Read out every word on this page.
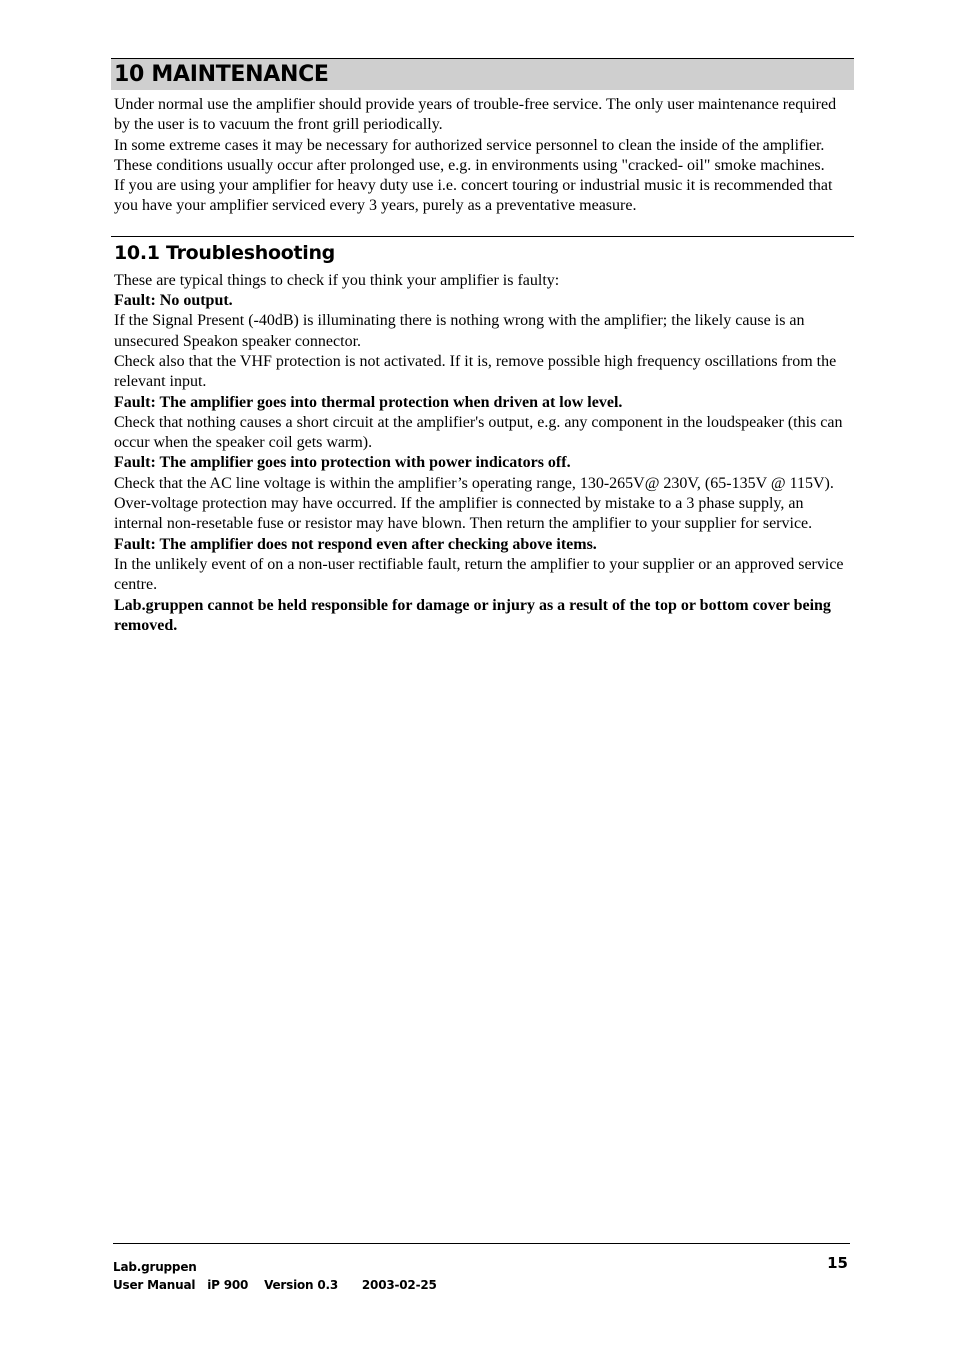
10 MAINTENANCE

Under normal use the amplifier should provide years of trouble-free service. The only user maintenance required by the user is to vacuum the front grill periodically.

In some extreme cases it may be necessary for authorized service personnel to clean the inside of the amplifier. These conditions usually occur after prolonged use, e.g. in environments using "cracked- oil" smoke machines.

If you are using your amplifier for heavy duty use i.e. concert touring or industrial music it is recommended that you have your amplifier serviced every 3 years, purely as a preventative measure.

10.1 Troubleshooting

These are typical things to check if you think your amplifier is faulty:

Fault: No output.

If the Signal Present (-40dB) is illuminating there is nothing wrong with the amplifier; the likely cause is an unsecured Speakon speaker connector.

Check also that the VHF protection is not activated. If it is, remove possible high frequency oscillations from the relevant input.

Fault: The amplifier goes into thermal protection when driven at low level.

Check that nothing causes a short circuit at the amplifier's output, e.g. any component in the loudspeaker (this can occur when the speaker coil gets warm).

Fault: The amplifier goes into protection with power indicators off.

Check that the AC line voltage is within the amplifier’s operating range, 130-265V@ 230V, (65-135V @ 115V). Over-voltage protection may have occurred. If the amplifier is connected by mistake to a 3 phase supply, an internal non-resetable fuse or resistor may have blown. Then return the amplifier to your supplier for service.

Fault: The amplifier does not respond even after checking above items.

In the unlikely event of on a non-user rectifiable fault, return the amplifier to your supplier or an approved service centre.

Lab.gruppen cannot be held responsible for damage or injury as a result of the top or bottom cover being removed.

Lab.gruppen
User Manual iP 900 Version 0.3 2003-02-25
15
